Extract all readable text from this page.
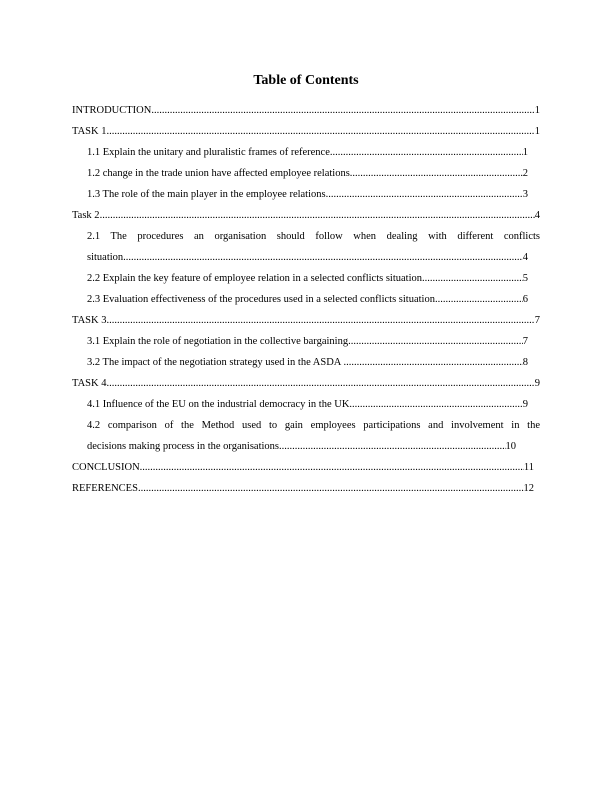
Table of Contents
INTRODUCTION .....	1
TASK 1 .....	1
1.1 Explain the unitary and pluralistic frames of reference .....	1
1.2 change in the trade union have affected employee relations .....	2
1.3 The role of the main player in the employee relations .....	3
Task 2 .....	4
2.1 The procedures an organisation should follow when dealing with different conflicts
situation .....	4
2.2 Explain the key feature of employee relation in a selected conflicts situation .....	5
2.3 Evaluation effectiveness of the procedures used in a selected conflicts situation .....	6
TASK 3 .....	7
3.1 Explain the role of negotiation in the collective bargaining .....	7
3.2 The impact of the negotiation strategy used in the ASDA .....	8
TASK 4 .....	9
4.1 Influence of the EU on the industrial democracy in the UK .....	9
4.2 comparison of the Method used to gain employees participations and involvement in the
decisions making process in the organisations .....	10
CONCLUSION .....	11
REFERENCES .....	12
